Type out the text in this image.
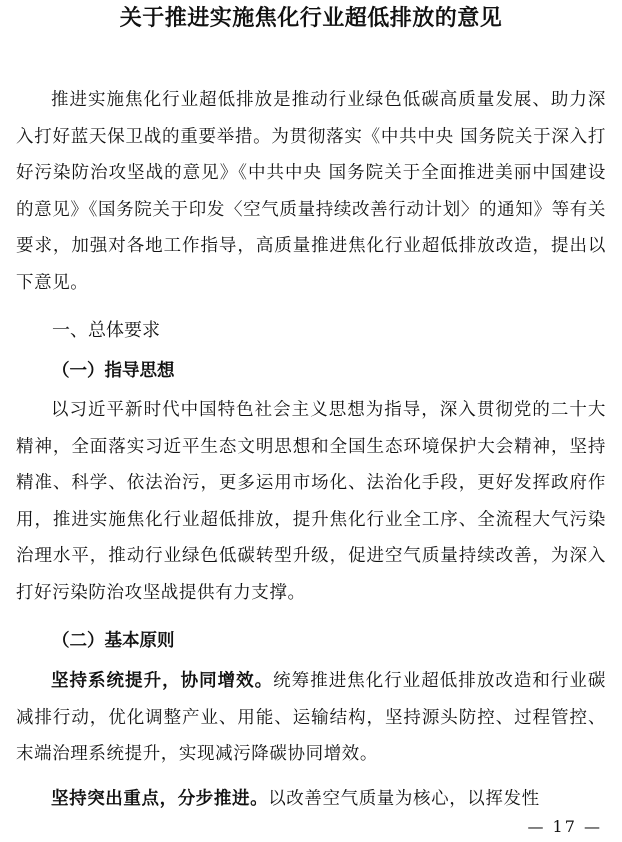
关于推进实施焦化行业超低排放的意见

推进实施焦化行业超低排放是推动行业绿色低碳高质量发展、助力深入打好蓝天保卫战的重要举措。为贯彻落实《中共中央 国务院关于深入打好污染防治攻坚战的意见》《中共中央 国务院关于全面推进美丽中国建设的意见》《国务院关于印发〈空气质量持续改善行动计划〉的通知》等有关要求，加强对各地工作指导，高质量推进焦化行业超低排放改造，提出以下意见。

一、总体要求
（一）指导思想

以习近平新时代中国特色社会主义思想为指导，深入贯彻党的二十大精神，全面落实习近平生态文明思想和全国生态环境保护大会精神，坚持精准、科学、依法治污，更多运用市场化、法治化手段，更好发挥政府作用，推进实施焦化行业超低排放，提升焦化行业全工序、全流程大气污染治理水平，推动行业绿色低碳转型升级，促进空气质量持续改善，为深入打好污染防治攻坚战提供有力支撑。

（二）基本原则

坚持系统提升，协同增效。统筹推进焦化行业超低排放改造和行业碳减排行动，优化调整产业、用能、运输结构，坚持源头防控、过程管控、末端治理系统提升，实现减污降碳协同增效。

坚持突出重点，分步推进。以改善空气质量为核心，以挥发性

— 17 —
